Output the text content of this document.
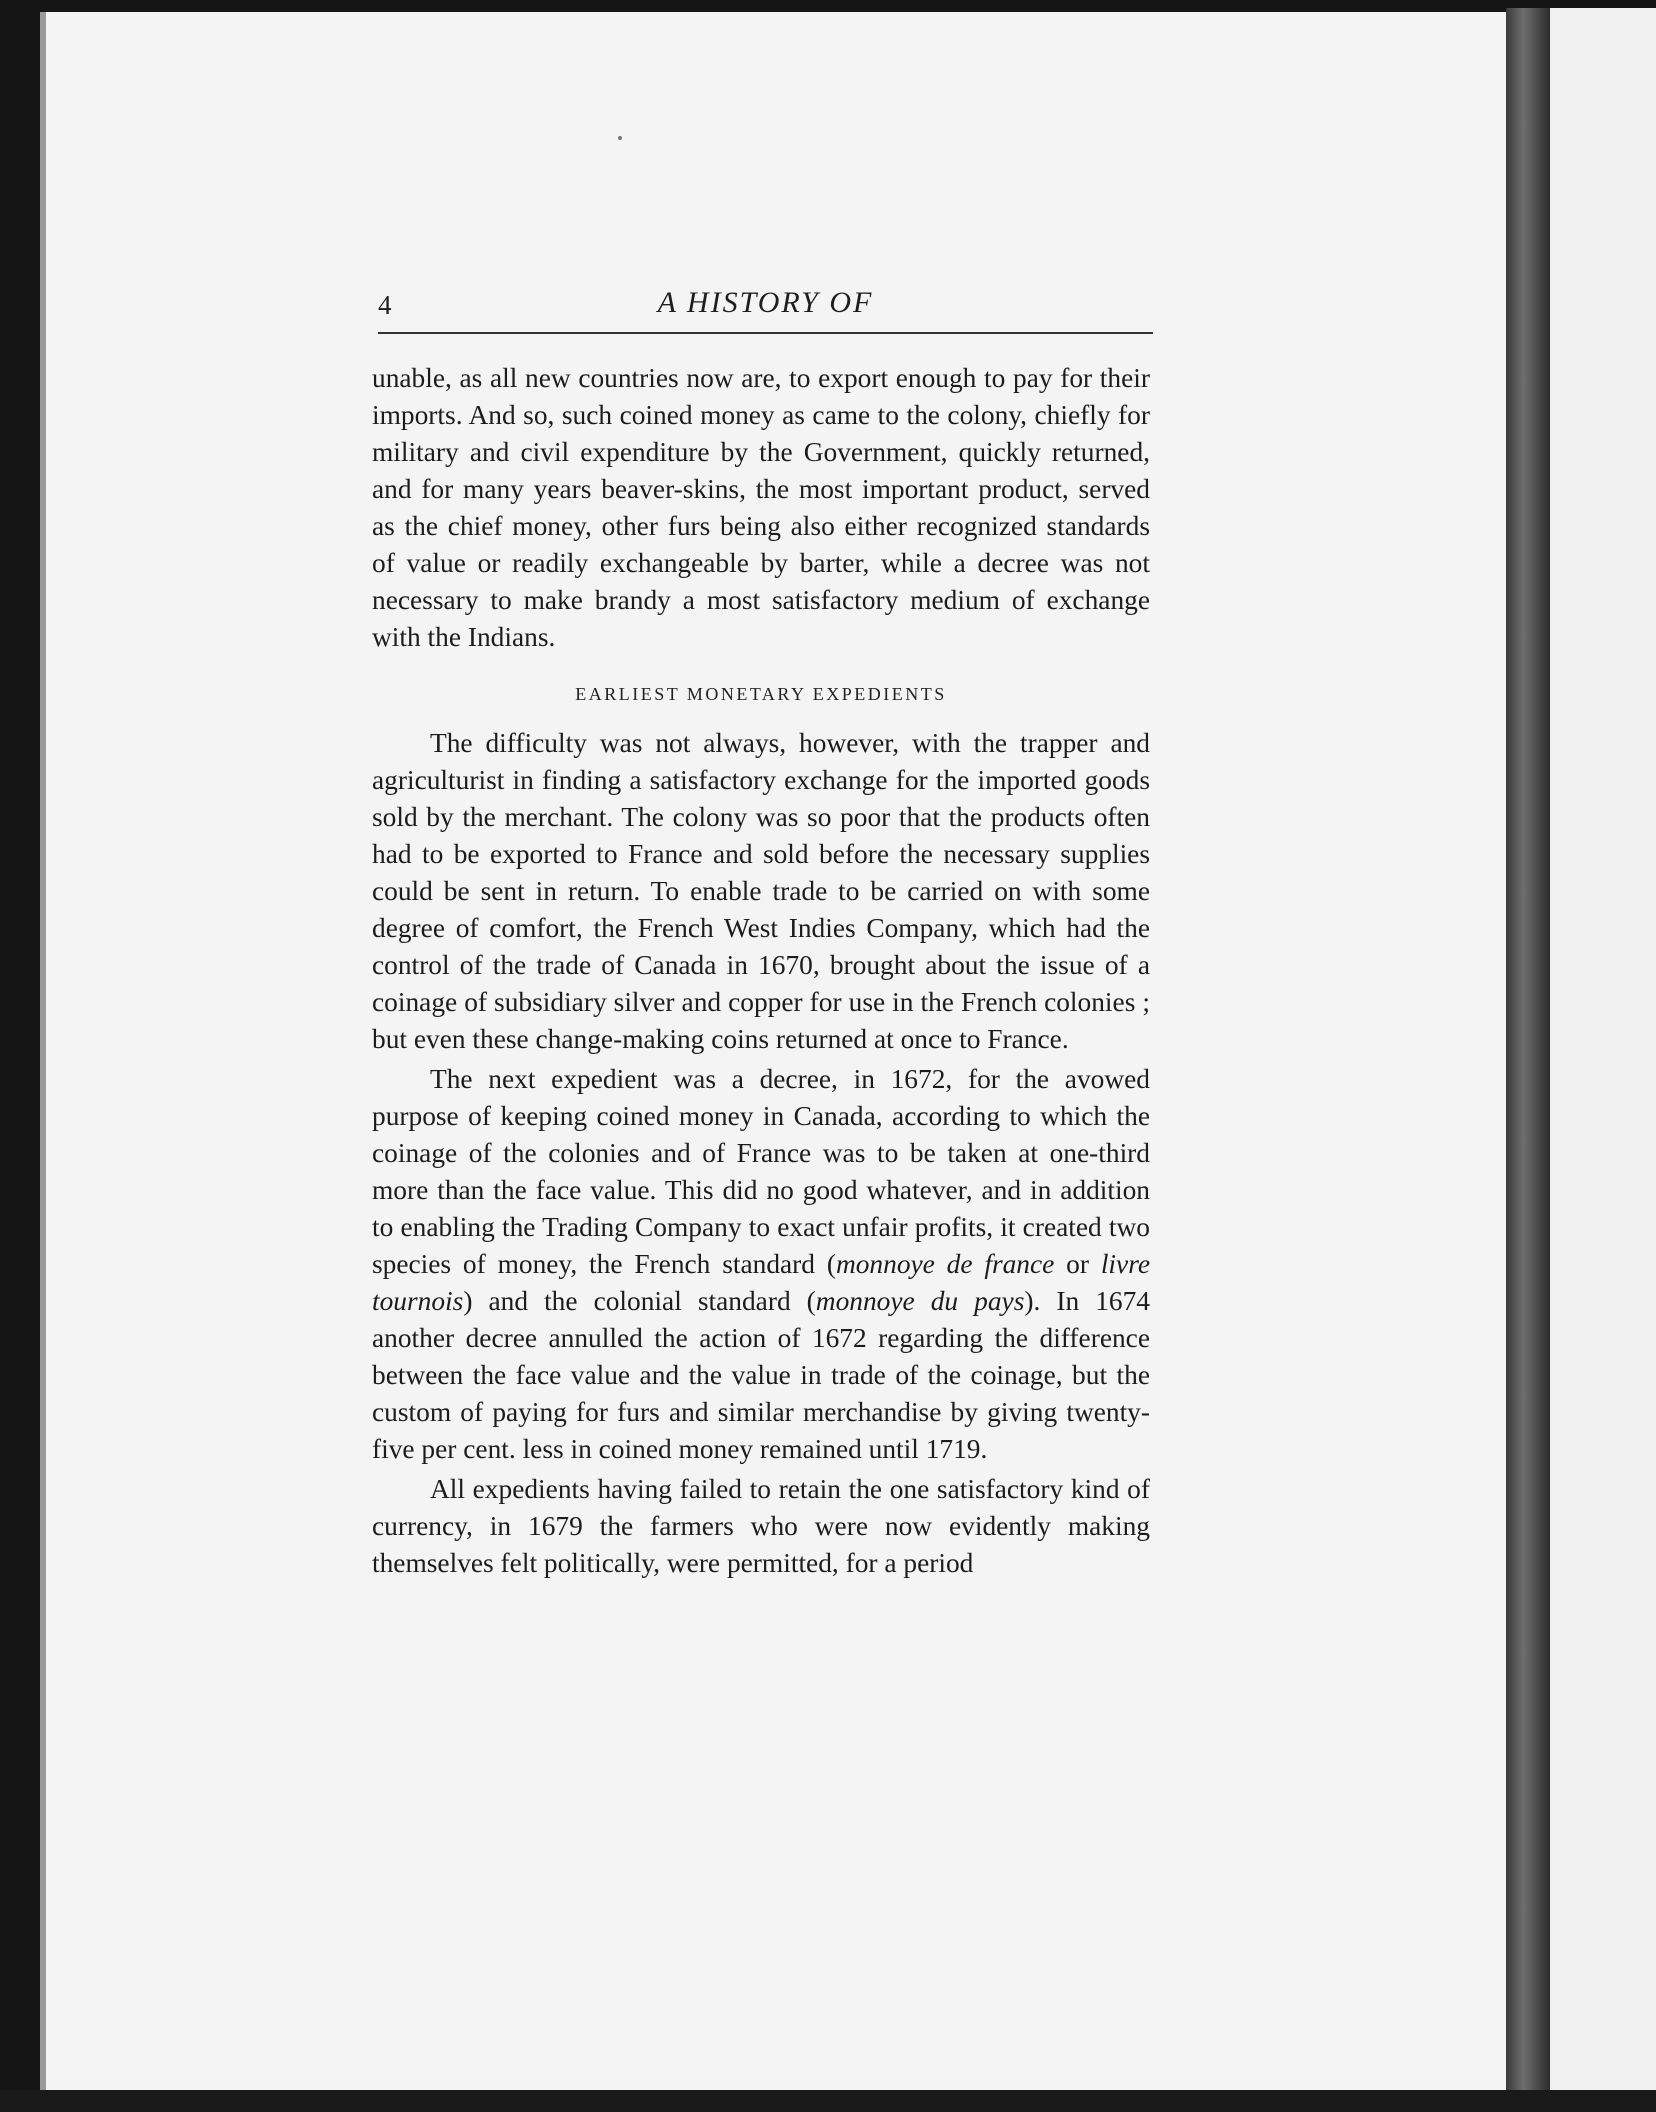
4	A HISTORY OF

unable, as all new countries now are, to export enough to pay for their imports. And so, such coined money as came to the colony, chiefly for military and civil expenditure by the Government, quickly returned, and for many years beaver-skins, the most important product, served as the chief money, other furs being also either recognized standards of value or readily exchangeable by barter, while a decree was not necessary to make brandy a most satisfactory medium of exchange with the Indians.

EARLIEST MONETARY EXPEDIENTS

The difficulty was not always, however, with the trapper and agriculturist in finding a satisfactory exchange for the imported goods sold by the merchant. The colony was so poor that the products often had to be exported to France and sold before the necessary supplies could be sent in return. To enable trade to be carried on with some degree of comfort, the French West Indies Company, which had the control of the trade of Canada in 1670, brought about the issue of a coinage of subsidiary silver and copper for use in the French colonies ; but even these change-making coins returned at once to France.

The next expedient was a decree, in 1672, for the avowed purpose of keeping coined money in Canada, according to which the coinage of the colonies and of France was to be taken at one-third more than the face value. This did no good whatever, and in addition to enabling the Trading Company to exact unfair profits, it created two species of money, the French standard (monnoye de france or livre tournois) and the colonial standard (monnoye du pays). In 1674 another decree annulled the action of 1672 regarding the difference between the face value and the value in trade of the coinage, but the custom of paying for furs and similar merchandise by giving twenty-five per cent. less in coined money remained until 1719.

All expedients having failed to retain the one satisfactory kind of currency, in 1679 the farmers who were now evidently making themselves felt politically, were permitted, for a period
